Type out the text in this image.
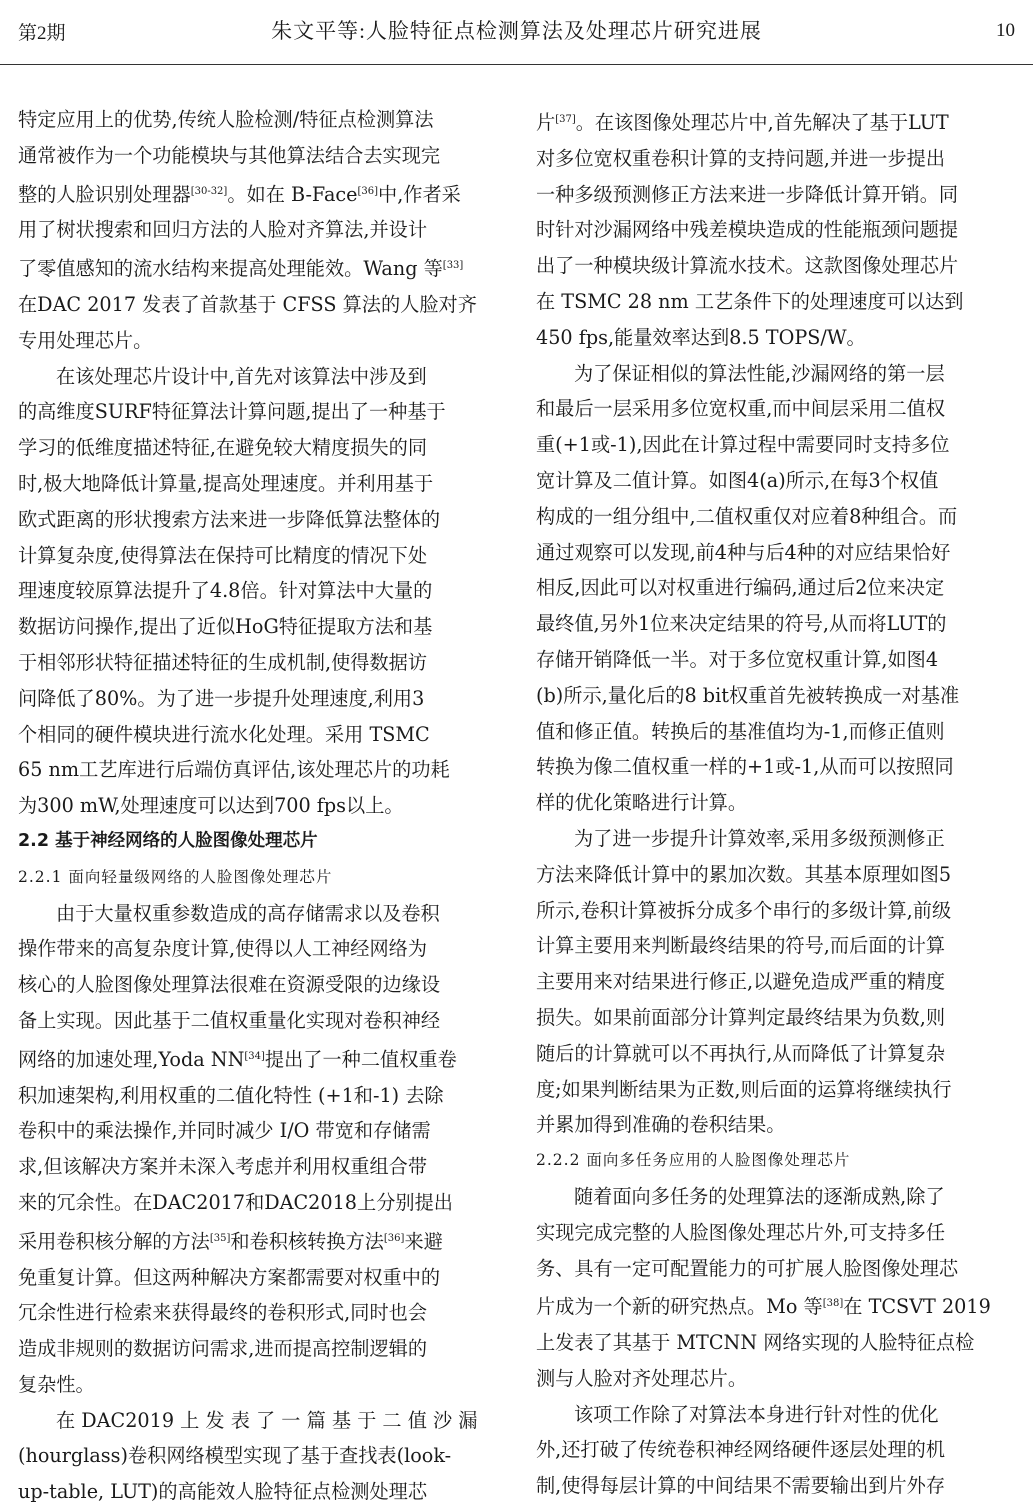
第2期	朱文平等:人脸特征点检测算法及处理芯片研究进展	10
特定应用上的优势,传统人脸检测/特征点检测算法
通常被作为一个功能模块与其他算法结合去实现完
整的人脸识别处理器[30-32]。如在 B-Face[36]中,作者采
用了树状搜索和回归方法的人脸对齐算法,并设计
了零值感知的流水结构来提高处理能效。Wang 等[33]
在DAC 2017 发表了首款基于 CFSS 算法的人脸对齐
专用处理芯片。
在该处理芯片设计中,首先对该算法中涉及到
的高维度SURF特征算法计算问题,提出了一种基于
学习的低维度描述特征,在避免较大精度损失的同
时,极大地降低计算量,提高处理速度。并利用基于
欧式距离的形状搜索方法来进一步降低算法整体的
计算复杂度,使得算法在保持可比精度的情况下处
理速度较原算法提升了4.8倍。针对算法中大量的
数据访问操作,提出了近似HoG特征提取方法和基
于相邻形状特征描述特征的生成机制,使得数据访
问降低了80%。为了进一步提升处理速度,利用3
个相同的硬件模块进行流水化处理。采用 TSMC
65 nm工艺库进行后端仿真评估,该处理芯片的功耗
为300 mW,处理速度可以达到700 fps以上。
2.2 基于神经网络的人脸图像处理芯片
2.2.1 面向轻量级网络的人脸图像处理芯片
由于大量权重参数造成的高存储需求以及卷积
操作带来的高复杂度计算,使得以人工神经网络为
核心的人脸图像处理算法很难在资源受限的边缘设
备上实现。因此基于二值权重量化实现对卷积神经
网络的加速处理,Yoda NN[34]提出了一种二值权重卷
积加速架构,利用权重的二值化特性 (+1和-1) 去除
卷积中的乘法操作,并同时减少 I/O 带宽和存储需
求,但该解决方案并未深入考虑并利用权重组合带
来的冗余性。在DAC2017和DAC2018上分别提出
采用卷积核分解的方法[35]和卷积核转换方法[36]来避
免重复计算。但这两种解决方案都需要对权重中的
冗余性进行检索来获得最终的卷积形式,同时也会
造成非规则的数据访问需求,进而提高控制逻辑的
复杂性。
在 DAC2019 上 发 表 了 一 篇 基 于 二 值 沙 漏
(hourglass)卷积网络模型实现了基于查找表(look-
up-table, LUT)的高能效人脸特征点检测处理芯
片[37]。在该图像处理芯片中,首先解决了基于LUT
对多位宽权重卷积计算的支持问题,并进一步提出
一种多级预测修正方法来进一步降低计算开销。同
时针对沙漏网络中残差模块造成的性能瓶颈问题提
出了一种模块级计算流水技术。这款图像处理芯片
在 TSMC 28 nm 工艺条件下的处理速度可以达到
450 fps,能量效率达到8.5 TOPS/W。
为了保证相似的算法性能,沙漏网络的第一层
和最后一层采用多位宽权重,而中间层采用二值权
重(+1或-1),因此在计算过程中需要同时支持多位
宽计算及二值计算。如图4(a)所示,在每3个权值
构成的一组分组中,二值权重仅对应着8种组合。而
通过观察可以发现,前4种与后4种的对应结果恰好
相反,因此可以对权重进行编码,通过后2位来决定
最终值,另外1位来决定结果的符号,从而将LUT的
存储开销降低一半。对于多位宽权重计算,如图4
(b)所示,量化后的8 bit权重首先被转换成一对基准
值和修正值。转换后的基准值均为-1,而修正值则
转换为像二值权重一样的+1或-1,从而可以按照同
样的优化策略进行计算。
为了进一步提升计算效率,采用多级预测修正
方法来降低计算中的累加次数。其基本原理如图5
所示,卷积计算被拆分成多个串行的多级计算,前级
计算主要用来判断最终结果的符号,而后面的计算
主要用来对结果进行修正,以避免造成严重的精度
损失。如果前面部分计算判定最终结果为负数,则
随后的计算就可以不再执行,从而降低了计算复杂
度;如果判断结果为正数,则后面的运算将继续执行
并累加得到准确的卷积结果。
2.2.2 面向多任务应用的人脸图像处理芯片
随着面向多任务的处理算法的逐渐成熟,除了
实现完成完整的人脸图像处理芯片外,可支持多任
务、具有一定可配置能力的可扩展人脸图像处理芯
片成为一个新的研究热点。Mo 等[38]在 TCSVT 2019
上发表了其基于 MTCNN 网络实现的人脸特征点检
测与人脸对齐处理芯片。
该项工作除了对算法本身进行针对性的优化
外,还打破了传统卷积神经网络硬件逐层处理的机
制,使得每层计算的中间结果不需要输出到片外存
